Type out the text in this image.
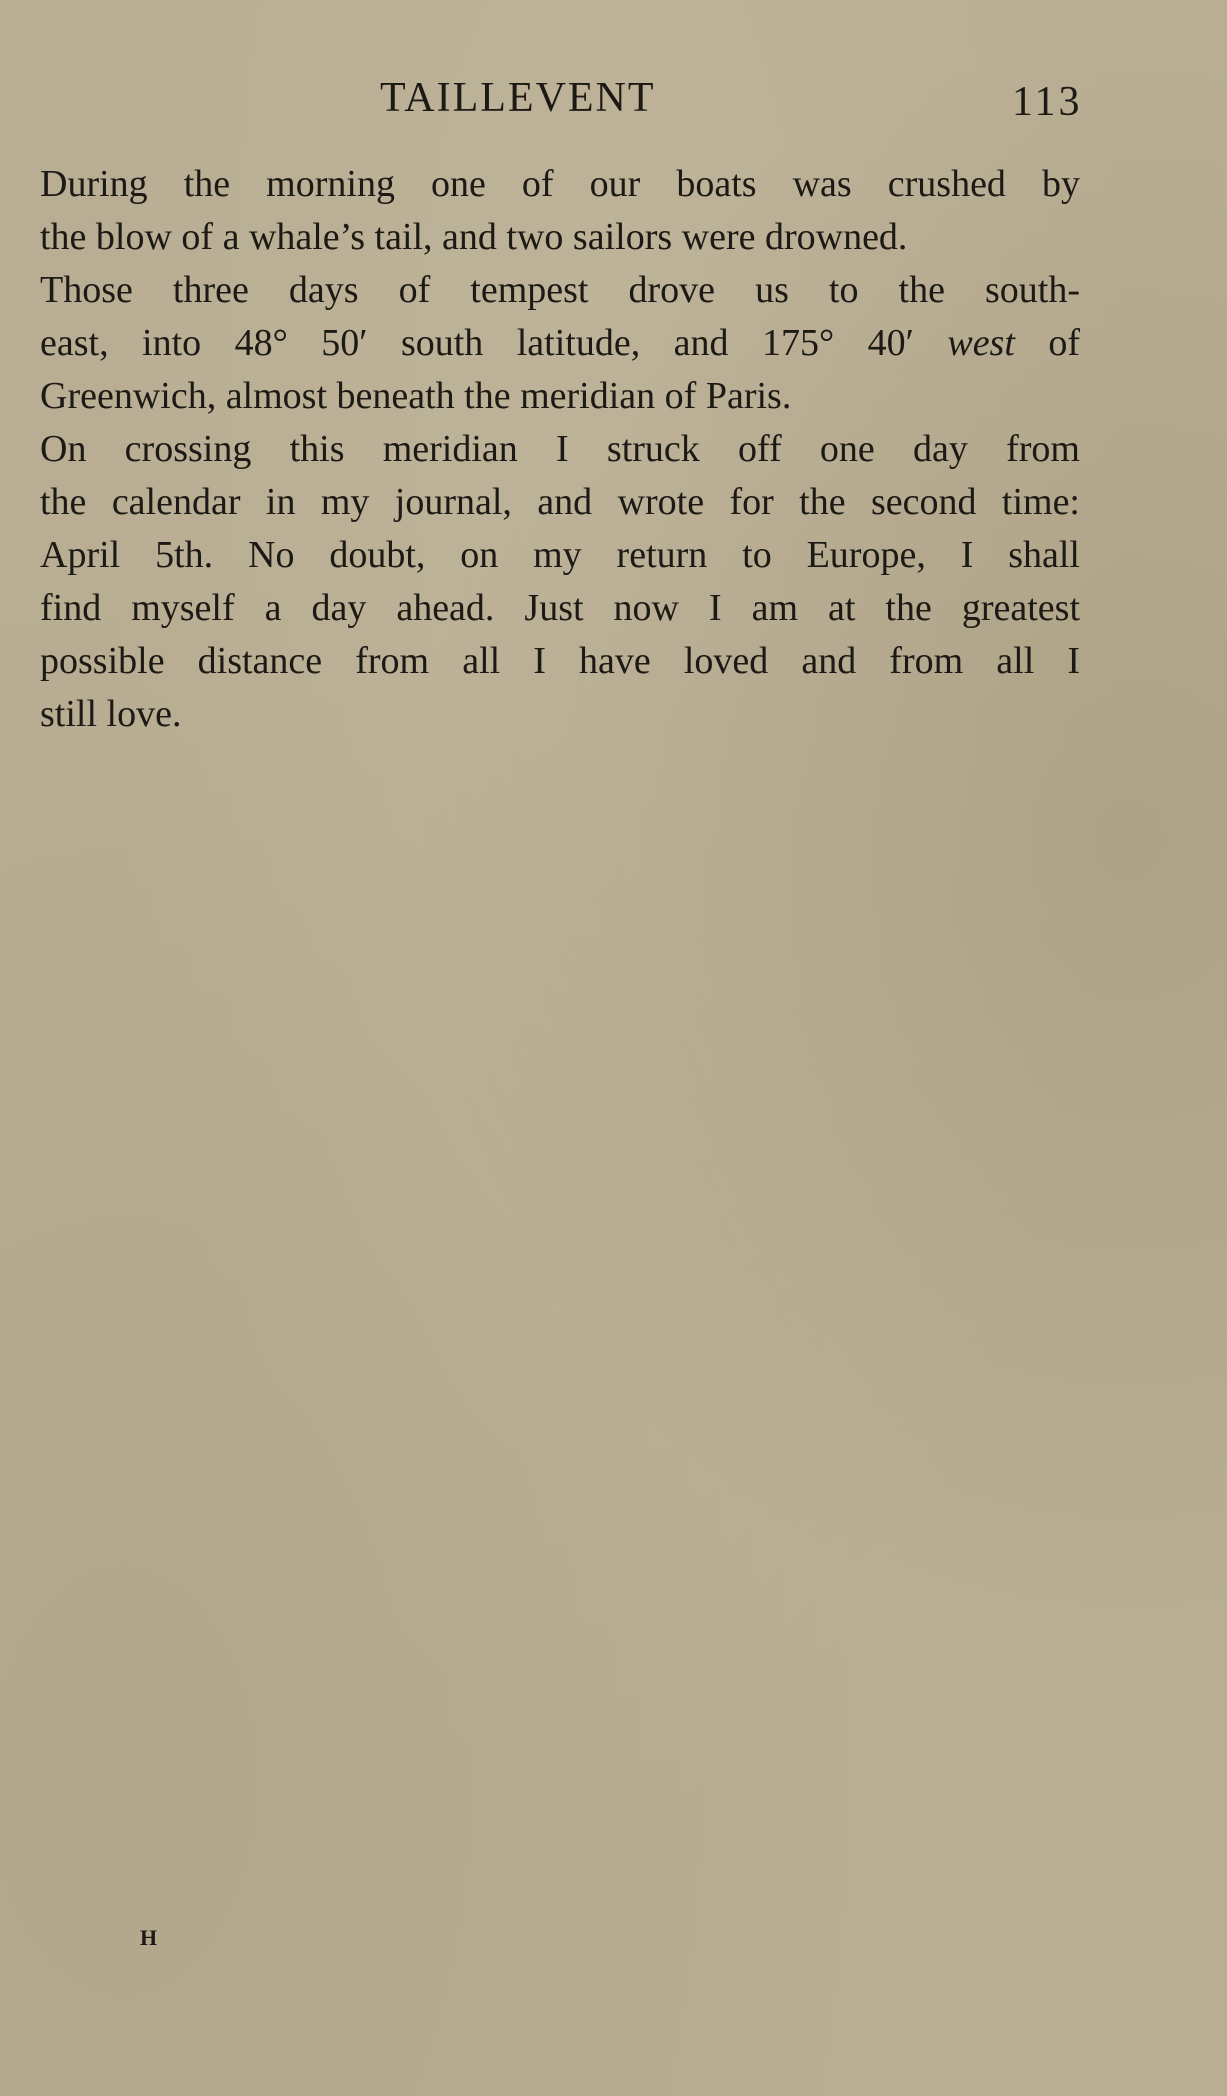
TAILLEVENT	113

During the morning one of our boats was crushed by
the blow of a whale’s tail, and two sailors were drowned.

Those three days of tempest drove us to the south-
east, into 48° 50′ south latitude, and 175° 40′ west of
Greenwich, almost beneath the meridian of Paris.

On crossing this meridian I struck off one day from
the calendar in my journal, and wrote for the second time:
April 5th. No doubt, on my return to Europe, I shall
find myself a day ahead. Just now I am at the greatest
possible distance from all I have loved and from all I
still love.

H
